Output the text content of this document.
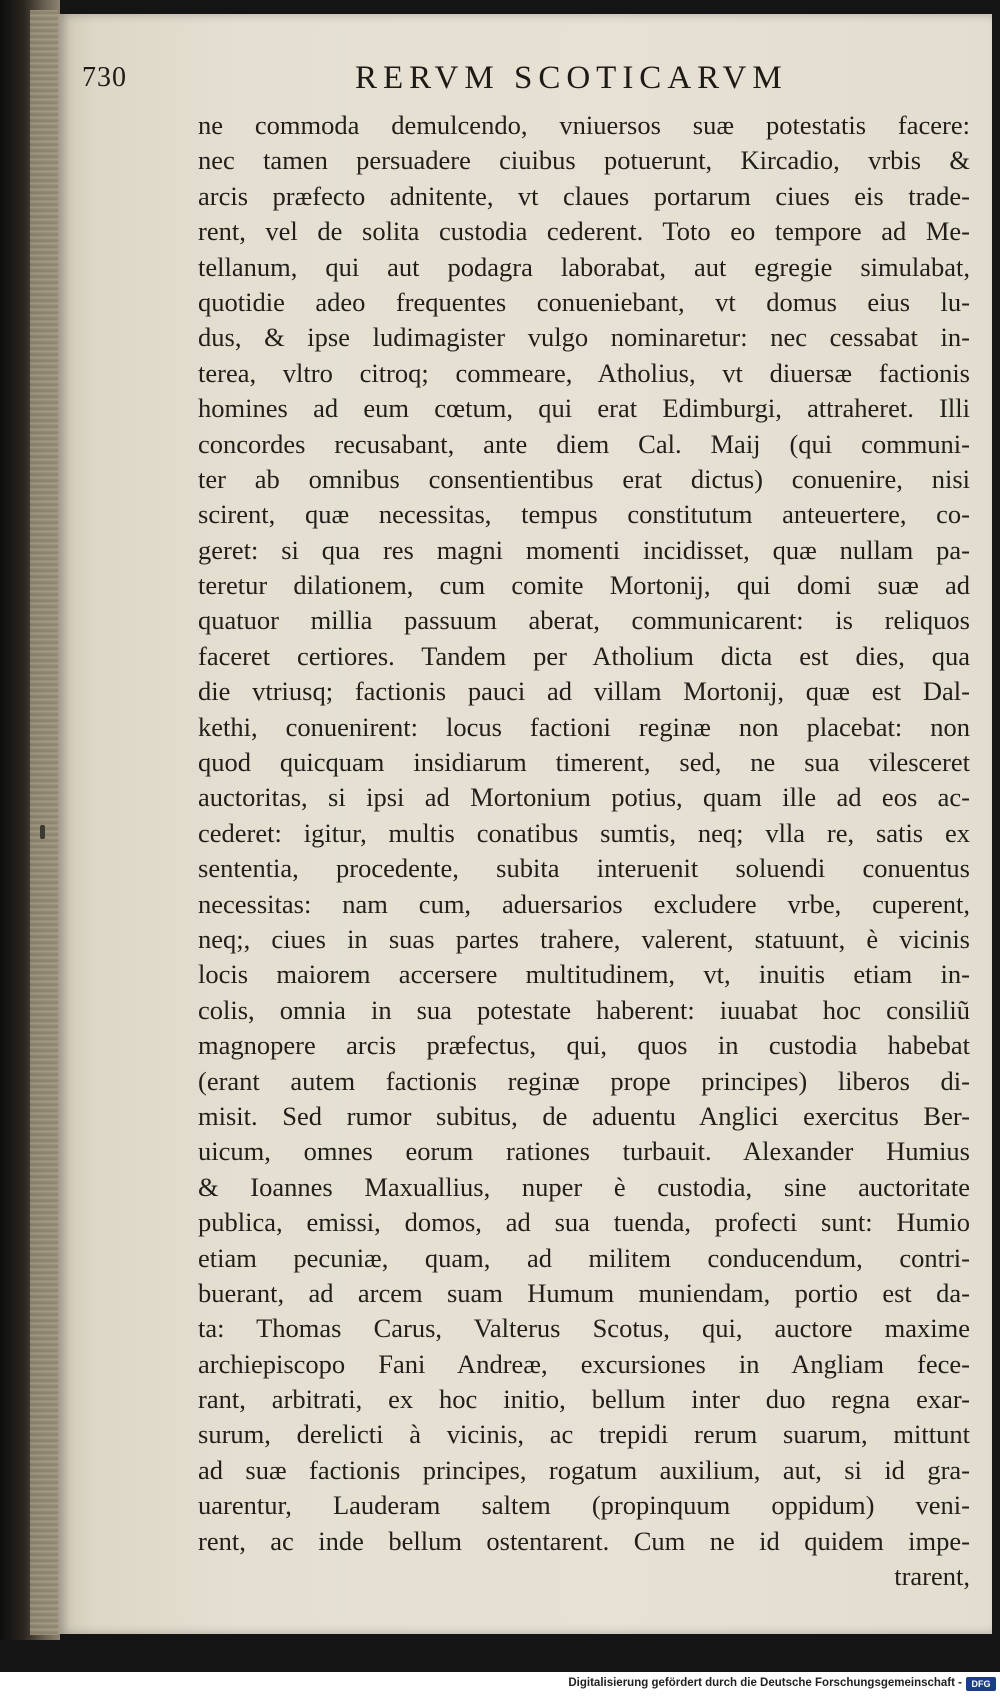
730	RERVM SCOTICARVM
ne commoda demulcendo, vniuersos suæ potestatis facere:
nec tamen persuadere ciuibus potuerunt, Kircadio, vrbis &
arcis præfecto adnitente, vt claues portarum ciues eis trade-
rent, vel de solita custodia cederent. Toto eo tempore ad Me-
tellanum, qui aut podagra laborabat, aut egregie simulabat,
quotidie adeo frequentes conueniebant, vt domus eius lu-
dus, & ipse ludimagister vulgo nominaretur: nec cessabat in-
terea, vltro citroq; commeare, Atholius, vt diuersæ factionis
homines ad eum cœtum, qui erat Edimburgi, attraheret. Illi
concordes recusabant, ante diem Cal. Maij (qui communi-
ter ab omnibus consentientibus erat dictus) conuenire, nisi
scirent, quæ necessitas, tempus constitutum anteuertere, co-
geret: si qua res magni momenti incidisset, quæ nullam pa-
teretur dilationem, cum comite Mortonij, qui domi suæ ad
quatuor millia passuum aberat, communicarent: is reliquos
faceret certiores. Tandem per Atholium dicta est dies, qua
die vtriusq; factionis pauci ad villam Mortonij, quæ est Dal-
kethi, conuenirent: locus factioni reginæ non placebat: non
quod quicquam insidiarum timerent, sed, ne sua vilesceret
auctoritas, si ipsi ad Mortonium potius, quam ille ad eos ac-
cederet: igitur, multis conatibus sumtis, neq; vlla re, satis ex
sententia, procedente, subita interuenit soluendi conuentus
necessitas: nam cum, aduersarios excludere vrbe, cuperent,
neq;, ciues in suas partes trahere, valerent, statuunt, è vicinis
locis maiorem accersere multitudinem, vt, inuitis etiam in-
colis, omnia in sua potestate haberent: iuuabat hoc consiliũ
magnopere arcis præfectus, qui, quos in custodia habebat
(erant autem factionis reginæ prope principes) liberos di-
misit. Sed rumor subitus, de aduentu Anglici exercitus Ber-
uicum, omnes eorum rationes turbauit. Alexander Humius
& Ioannes Maxuallius, nuper è custodia, sine auctoritate
publica, emissi, domos, ad sua tuenda, profecti sunt: Humio
etiam pecuniæ, quam, ad militem conducendum, contri-
buerant, ad arcem suam Humum muniendam, portio est da-
ta: Thomas Carus, Valterus Scotus, qui, auctore maxime
archiepiscopo Fani Andreæ, excursiones in Angliam fece-
rant, arbitrati, ex hoc initio, bellum inter duo regna exar-
surum, derelicti à vicinis, ac trepidi rerum suarum, mittunt
ad suæ factionis principes, rogatum auxilium, aut, si id gra-
uarentur, Lauderam saltem (propinquum oppidum) veni-
rent, ac inde bellum ostentarent. Cum ne id quidem impe-
trarent,
Digitalisierung gefördert durch die Deutsche Forschungsgemeinschaft -	DFG
